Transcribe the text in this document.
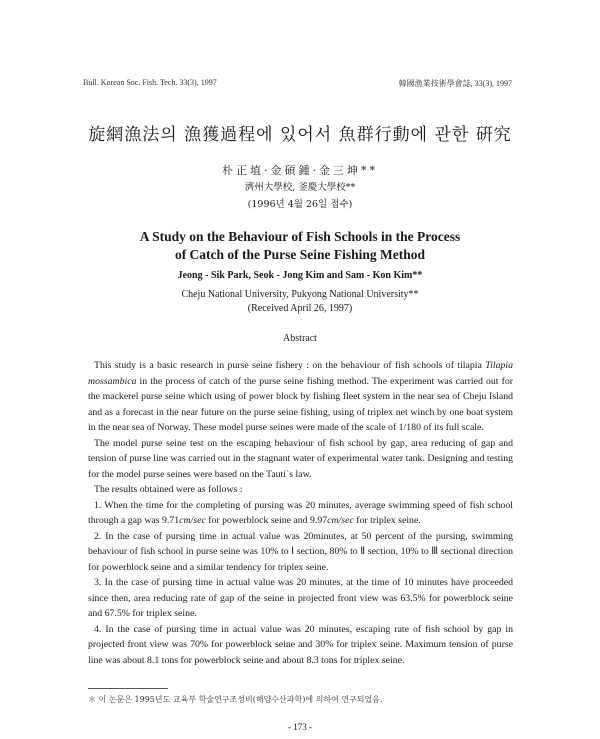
Bull. Korean Soc. Fish. Tech. 33(3), 1997	韓國漁業技術學會誌, 33(3), 1997
旋網漁法의 漁獲過程에 있어서 魚群行動에 관한 硏究
朴正埴·金碩鍾·金三坤**
濟州大學校, 釜慶大學校**
(1996년 4월 26일 접수)
A Study on the Behaviour of Fish Schools in the Process
of Catch of the Purse Seine Fishing Method
Jeong - Sik Park, Seok - Jong Kim and Sam - Kon Kim**
Cheju National University, Pukyong National University**
(Received April 26, 1997)
Abstract

This study is a basic research in purse seine fishery : on the behaviour of fish schools of tilapia Tilapia mossambica in the process of catch of the purse seine fishing method. The experiment was carried out for the mackerel purse seine which using of power block by fishing fleet system in the near sea of Cheju Island and as a forecast in the near future on the purse seine fishing, using of triplex net winch by one boat system in the near sea of Norway. These model purse seines were made of the scale of 1/180 of its full scale.

The model purse seine test on the escaping behaviour of fish school by gap, area reducing of gap and tension of purse line was carried out in the stagnant water of experimental water tank. Designing and testing for the model purse seines were based on the Tauti`s law.

The results obtained were as follows :

1. When the time for the completing of pursing was 20 minutes, average swimming speed of fish school through a gap was 9.71cm/sec for powerblock seine and 9.97cm/sec for triplex seine.

2. In the case of pursing time in actual value was 20minutes, at 50 percent of the pursing, swimming behaviour of fish school in purse seine was 10% to Ⅰ section, 80% to Ⅱ section, 10% to Ⅲ sectional direction for powerblock seine and a similar tendency for triplex seine.

3. In the case of pursing time in actual value was 20 minutes, at the time of 10 minutes have proceeded since then, area reducing rate of gap of the seine in projected front view was 63.5% for powerblock seine and 67.5% for triplex seine.

4. In the case of pursing time in actual value was 20 minutes, escaping rate of fish school by gap in projected front view was 70% for powerblock seine and 30% for triplex seine. Maximum tension of purse line was about 8.1 tons for powerblock seine and about 8.3 tons for triplex seine.

＊ 이 논문은 1995년도 교육부 학술연구조성비(해양수산과학)에 의하여 연구되었음.
- 173 -
